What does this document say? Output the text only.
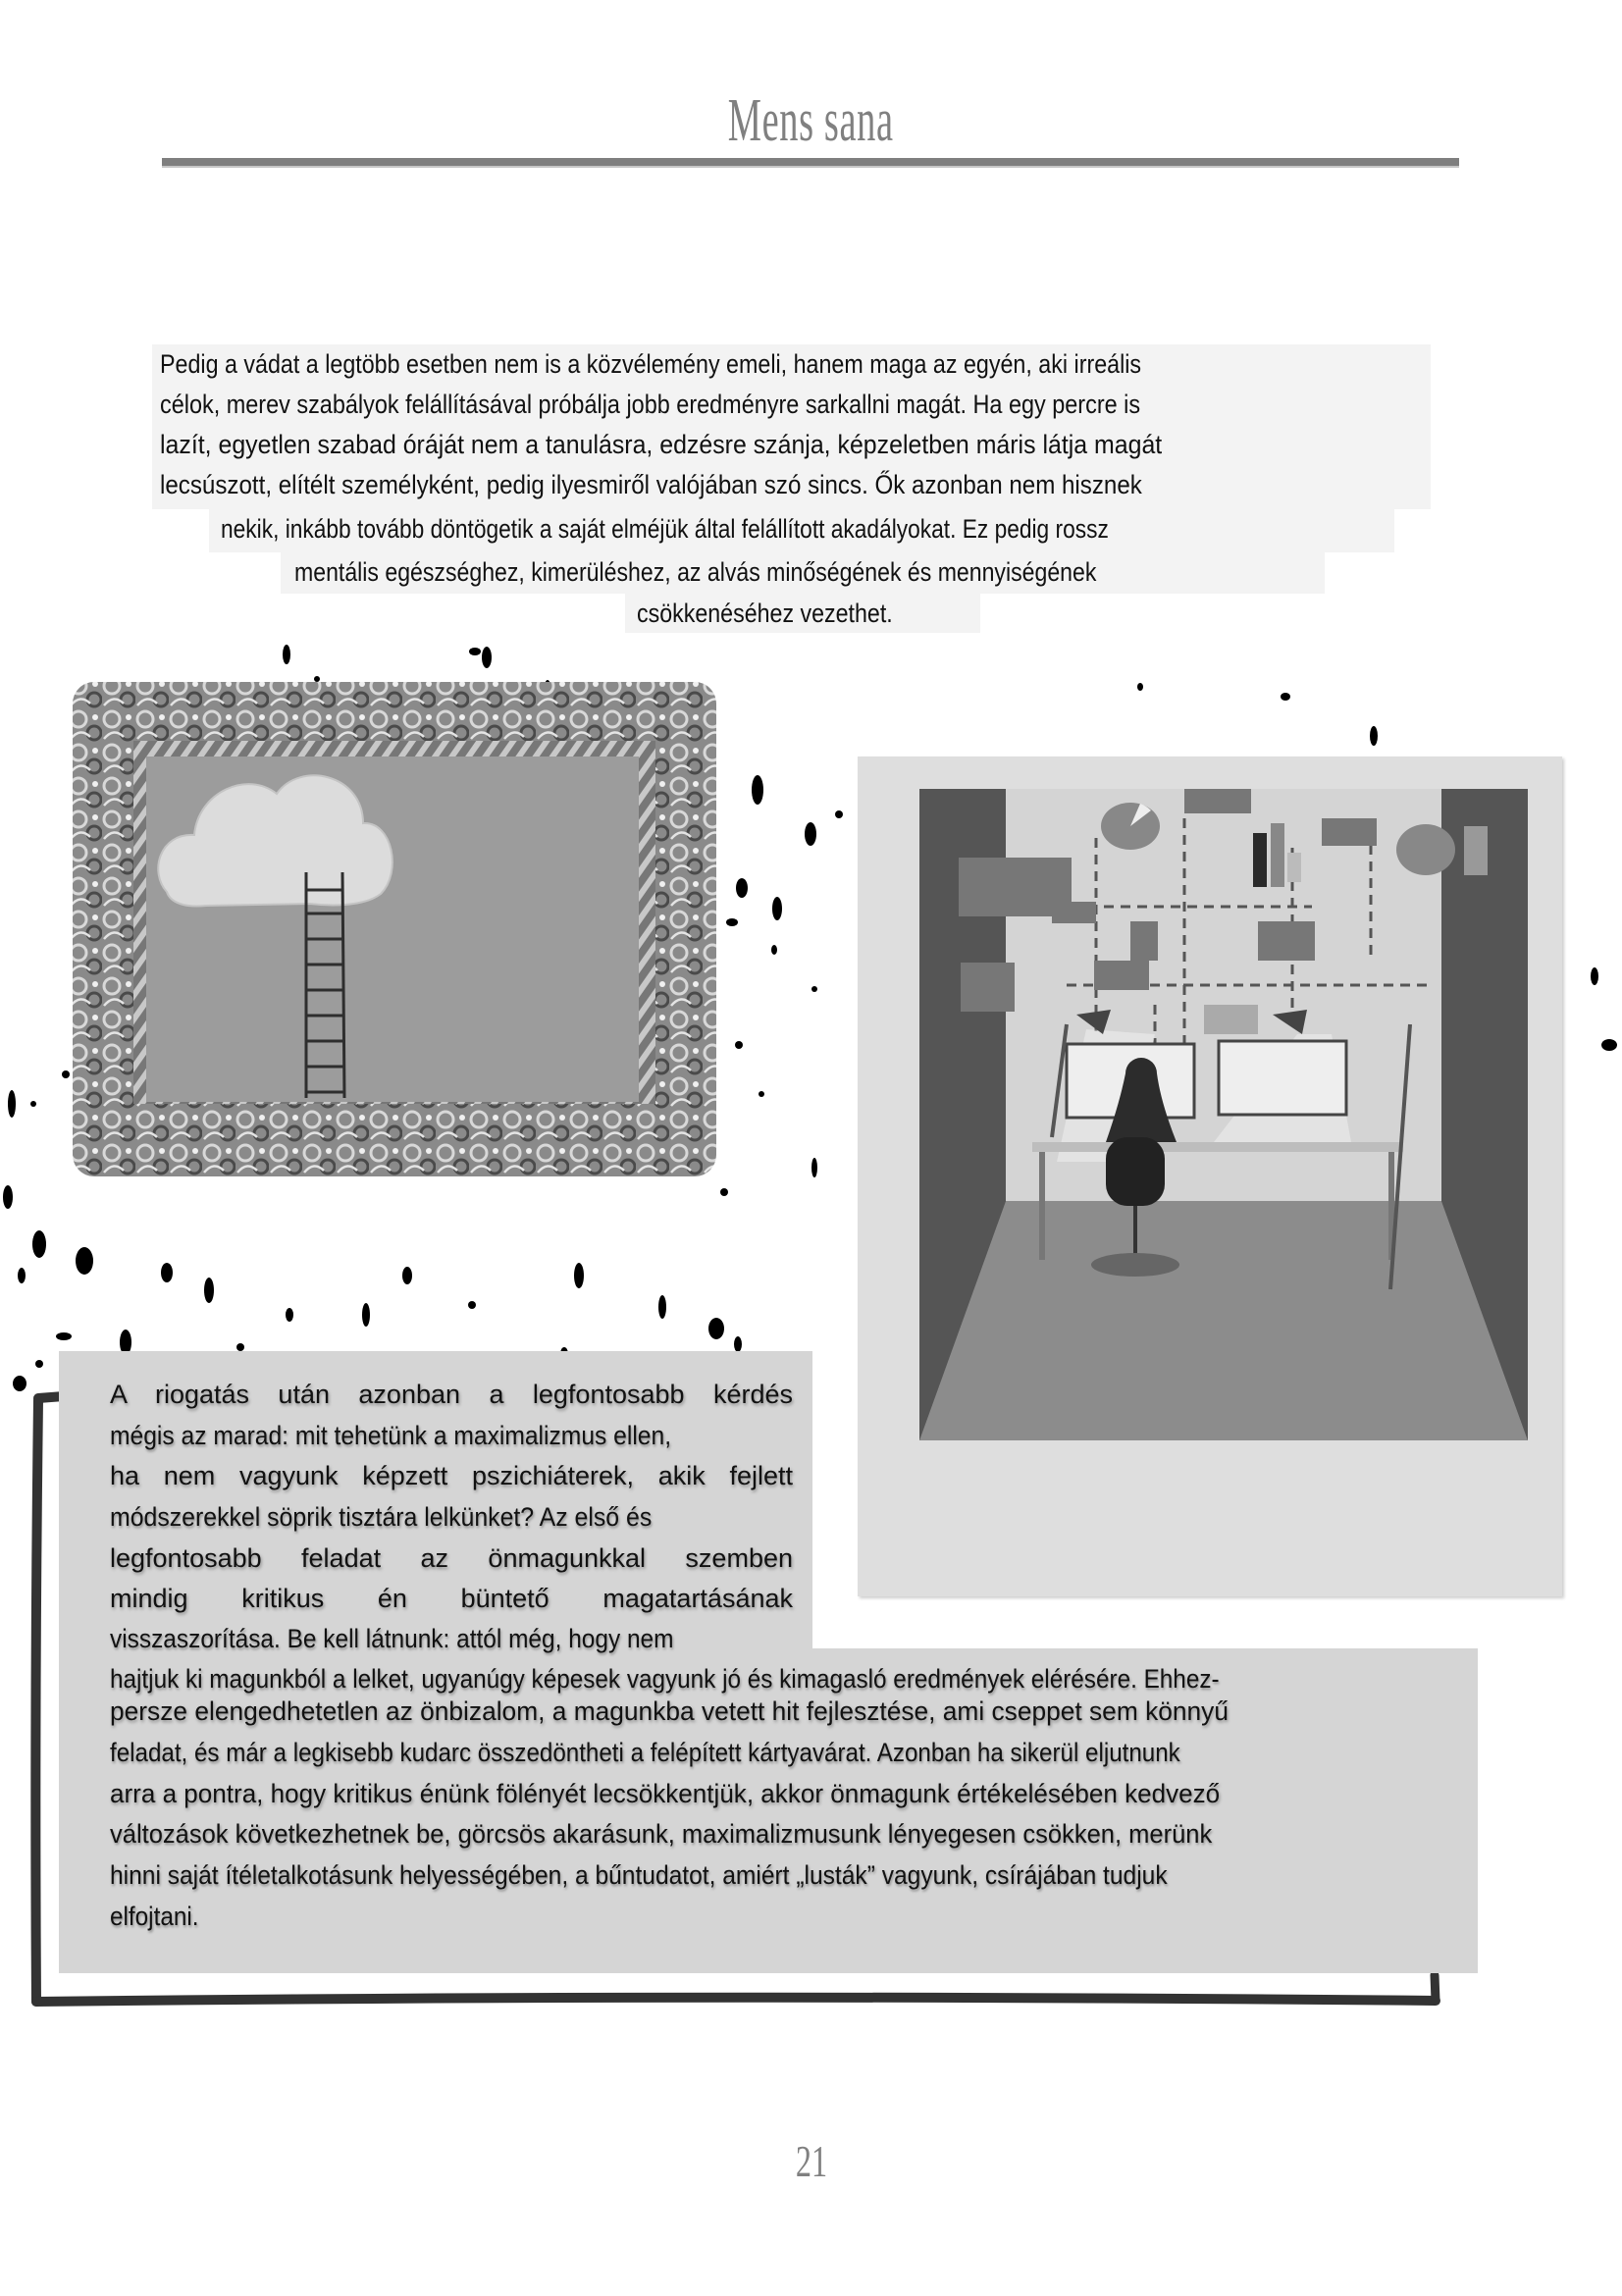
Mens sana
Pedig a vádat a legtöbb esetben nem is a közvélemény emeli, hanem maga az egyén, aki irreális
célok, merev szabályok felállításával próbálja jobb eredményre sarkallni magát. Ha egy percre is
lazít, egyetlen szabad óráját nem a tanulásra, edzésre szánja, képzeletben máris látja magát
lecsúszott, elítélt személyként, pedig ilyesmiről valójában szó sincs. Ők azonban nem hisznek
nekik, inkább tovább döntögetik a saját elméjük által felállított akadályokat. Ez pedig rossz
mentális egészséghez, kimerüléshez, az alvás minőségének és mennyiségének
csökkenéséhez vezethet.
A riogatás után azonban a legfontosabb kérdés
mégis az marad: mit tehetünk a maximalizmus ellen,
ha nem vagyunk képzett pszichiáterek, akik fejlett
módszerekkel söprik tisztára lelkünket? Az első és
legfontosabb feladat az önmagunkkal szemben
mindig kritikus én büntető magatartásának
visszaszorítása. Be kell látnunk: attól még, hogy nem
hajtjuk ki magunkból a lelket, ugyanúgy képesek vagyunk jó és kimagasló eredmények elérésére. Ehhez-
persze elengedhetetlen az önbizalom, a magunkba vetett hit fejlesztése, ami cseppet sem könnyű
feladat, és már a legkisebb kudarc összedöntheti a felépített kártyavárat. Azonban ha sikerül eljutnunk
arra a pontra, hogy kritikus énünk fölényét lecsökkentjük, akkor önmagunk értékelésében kedvező
változások következhetnek be, görcsös akarásunk, maximalizmusunk lényegesen csökken, merünk
hinni saját ítéletalkotásunk helyességében, a bűntudatot, amiért „lusták” vagyunk, csírájában tudjuk
elfojtani.
21
